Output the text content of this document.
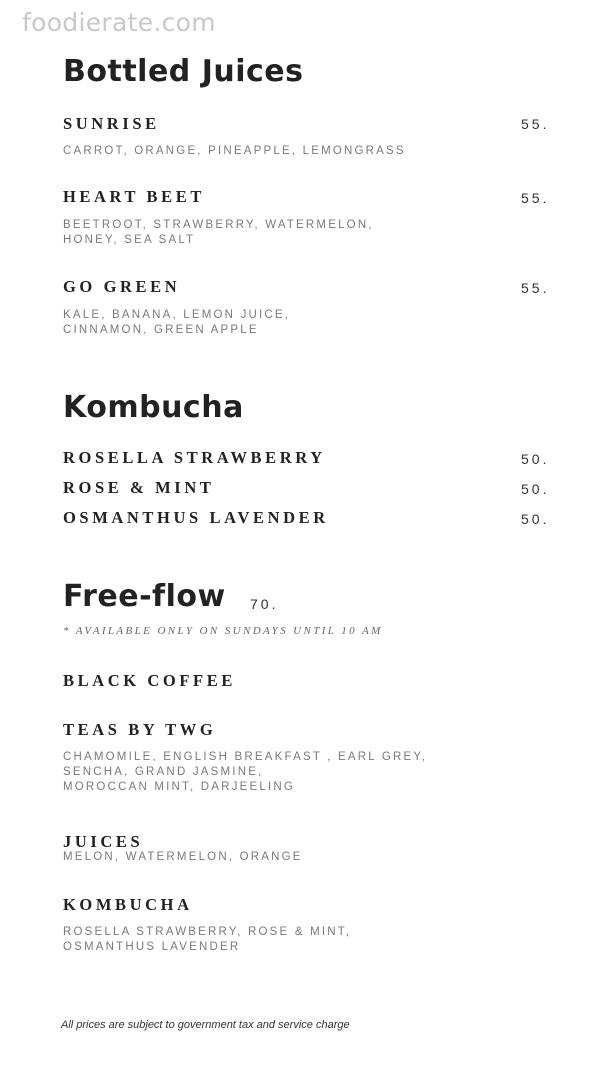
foodierate.com
Bottled Juices
SUNRISE	55.
CARROT, ORANGE, PINEAPPLE, LEMONGRASS
HEART BEET	55.
BEETROOT, STRAWBERRY, WATERMELON,
HONEY, SEA SALT
GO GREEN	55.
KALE, BANANA, LEMON JUICE,
CINNAMON, GREEN APPLE
Kombucha
ROSELLA STRAWBERRY	50.
ROSE & MINT	50.
OSMANTHUS LAVENDER	50.
Free-flow 70.
* AVAILABLE ONLY ON SUNDAYS UNTIL 10 AM
BLACK COFFEE
TEAS BY TWG
CHAMOMILE, ENGLISH BREAKFAST , EARL GREY,
SENCHA, GRAND JASMINE,
MOROCCAN MINT, DARJEELING
JUICES
MELON, WATERMELON, ORANGE
KOMBUCHA
ROSELLA STRAWBERRY, ROSE & MINT,
OSMANTHUS LAVENDER
All prices are subject to government tax and service charge
